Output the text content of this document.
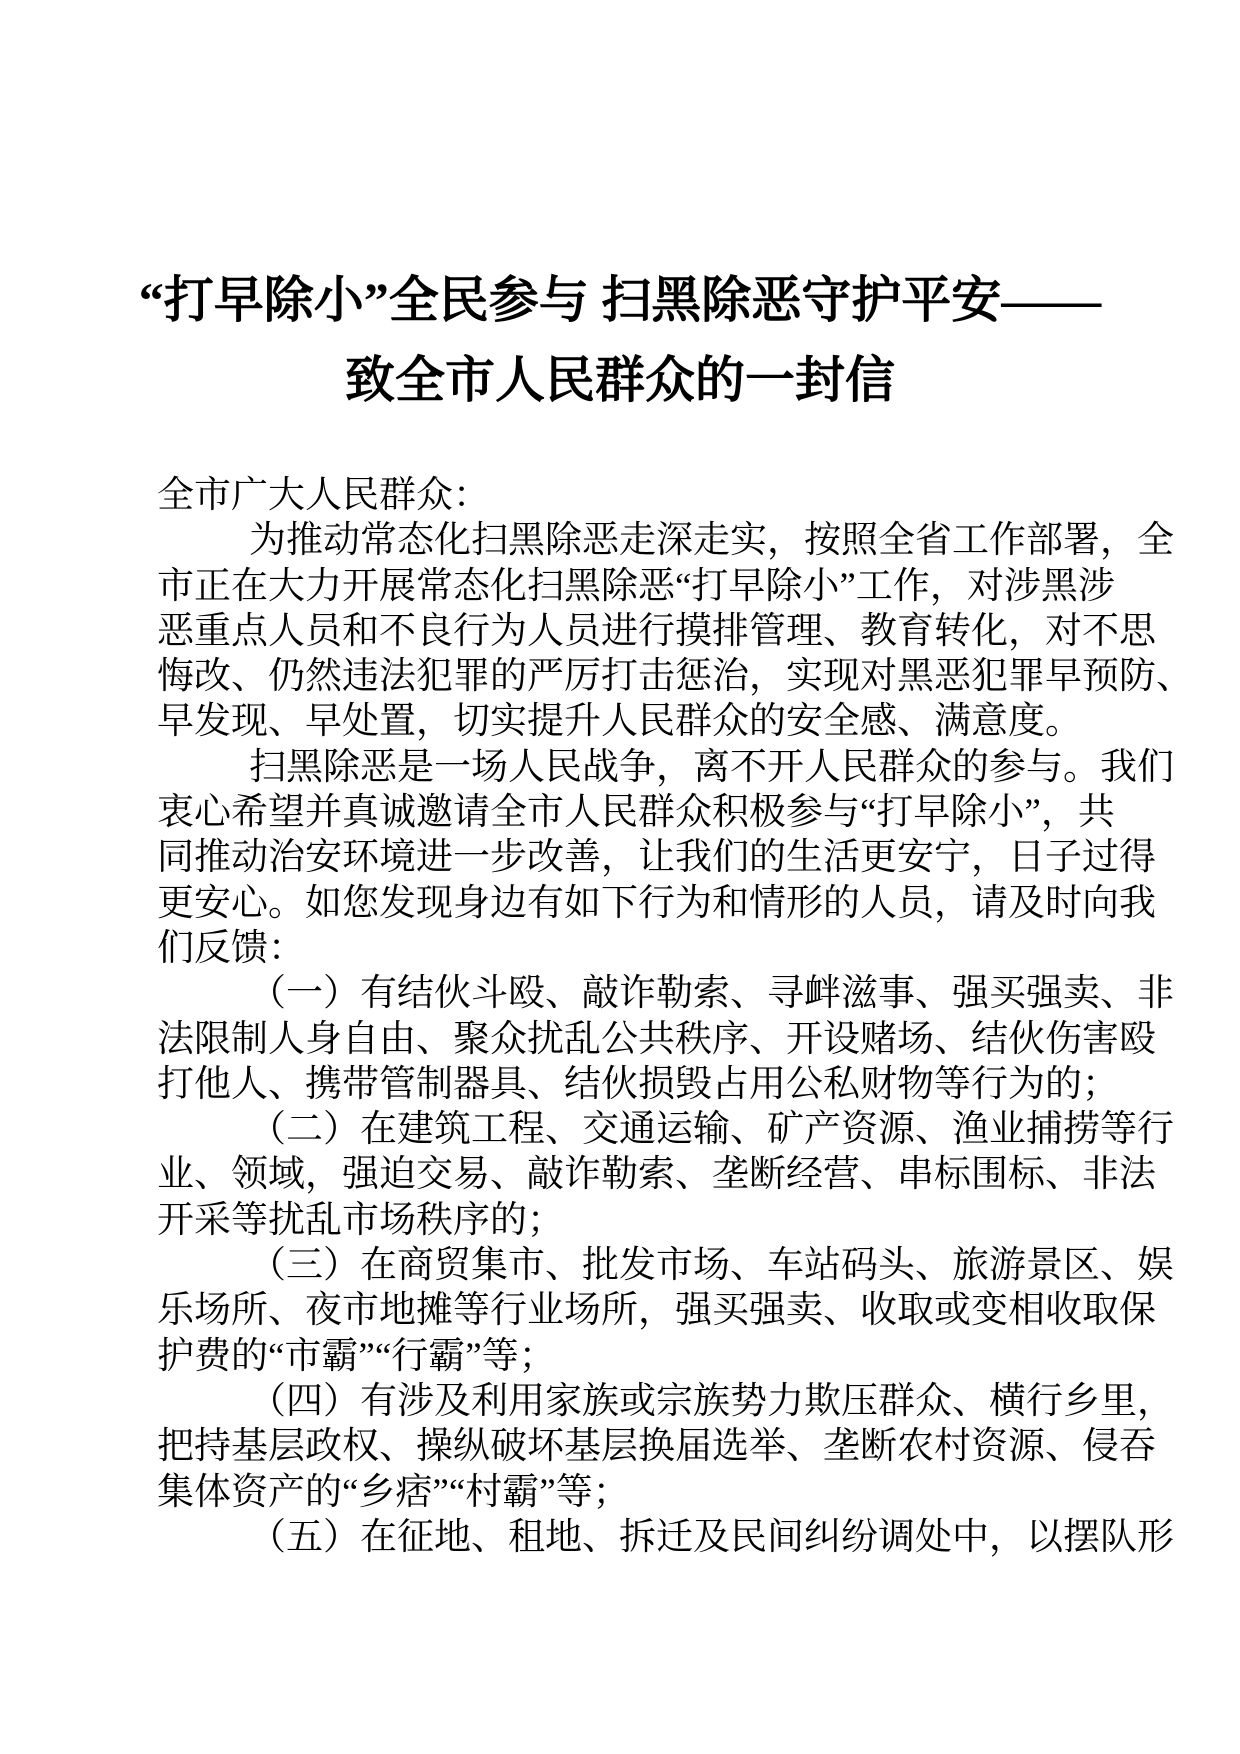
“打早除小”全民参与 扫黑除恶守护平安——
致全市人民群众的一封信
全市广大人民群众：
为推动常态化扫黑除恶走深走实，按照全省工作部署，全
市正在大力开展常态化扫黑除恶“打早除小”工作，对涉黑涉
恶重点人员和不良行为人员进行摸排管理、教育转化，对不思
悔改、仍然违法犯罪的严厉打击惩治，实现对黑恶犯罪早预防、
早发现、早处置，切实提升人民群众的安全感、满意度。
扫黑除恶是一场人民战争，离不开人民群众的参与。我们
衷心希望并真诚邀请全市人民群众积极参与“打早除小”，共
同推动治安环境进一步改善，让我们的生活更安宁，日子过得
更安心。如您发现身边有如下行为和情形的人员，请及时向我
们反馈：
（一）有结伙斗殴、敲诈勒索、寻衅滋事、强买强卖、非
法限制人身自由、聚众扰乱公共秩序、开设赌场、结伙伤害殴
打他人、携带管制器具、结伙损毁占用公私财物等行为的；
（二）在建筑工程、交通运输、矿产资源、渔业捕捞等行
业、领域，强迫交易、敲诈勒索、垄断经营、串标围标、非法
开采等扰乱市场秩序的；
（三）在商贸集市、批发市场、车站码头、旅游景区、娱
乐场所、夜市地摊等行业场所，强买强卖、收取或变相收取保
护费的“市霸”“行霸”等；
（四）有涉及利用家族或宗族势力欺压群众、横行乡里，
把持基层政权、操纵破坏基层换届选举、垄断农村资源、侵吞
集体资产的“乡痞”“村霸”等；
（五）在征地、租地、拆迁及民间纠纷调处中，以摆队形
